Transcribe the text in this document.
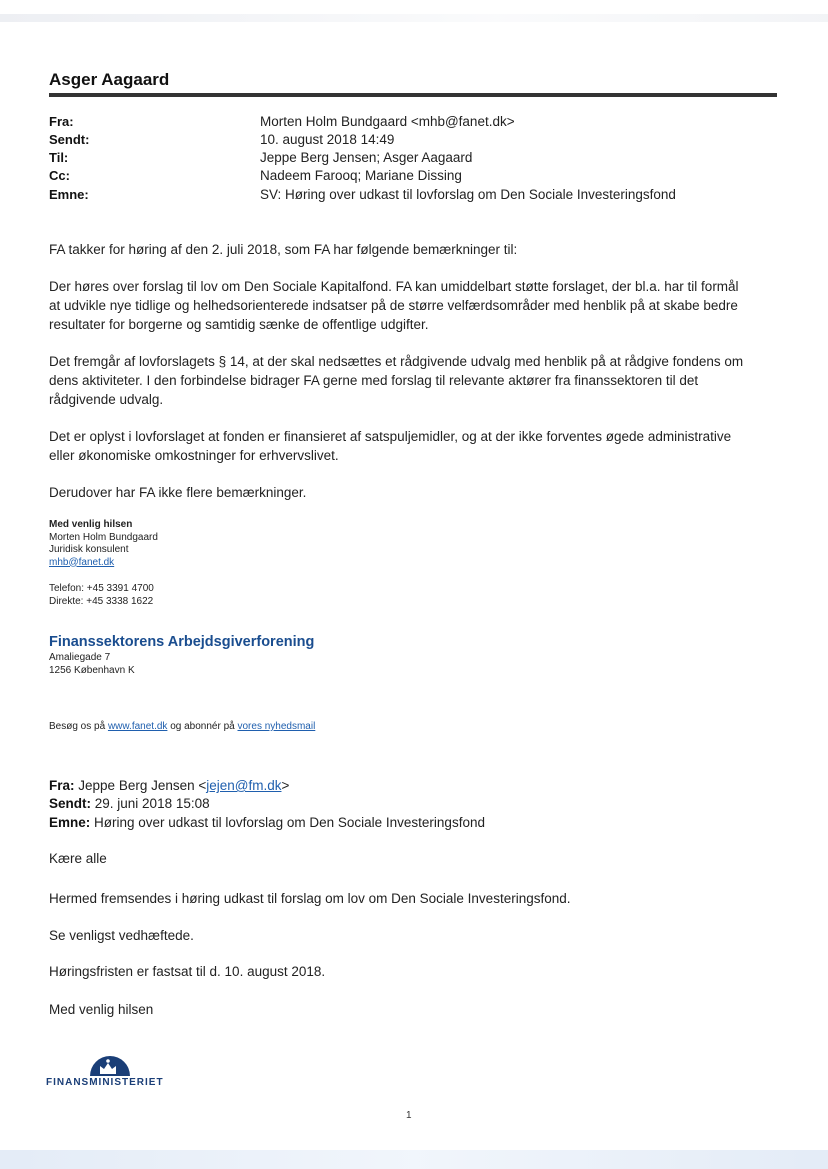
Asger Aagaard
Fra:	Morten Holm Bundgaard <mhb@fanet.dk>
Sendt:	10. august 2018 14:49
Til:	Jeppe Berg Jensen; Asger Aagaard
Cc:	Nadeem Farooq; Mariane Dissing
Emne:	SV: Høring over udkast til lovforslag om Den Sociale Investeringsfond

FA takker for høring af den 2. juli 2018, som FA har følgende bemærkninger til:

Der høres over forslag til lov om Den Sociale Kapitalfond. FA kan umiddelbart støtte forslaget, der bl.a. har til formål

at udvikle nye tidlige og helhedsorienterede indsatser på de større velfærdsområder med henblik på at skabe bedre

resultater for borgerne og samtidig sænke de offentlige udgifter.

Det fremgår af lovforslagets § 14, at der skal nedsættes et rådgivende udvalg med henblik på at rådgive fondens om

dens aktiviteter. I den forbindelse bidrager FA gerne med forslag til relevante aktører fra finanssektoren til det

rådgivende udvalg.

Det er oplyst i lovforslaget at fonden er finansieret af satspuljemidler, og at der ikke forventes øgede administrative

eller økonomiske omkostninger for erhvervslivet.

Derudover har FA ikke flere bemærkninger.

Med venlig hilsen
Morten Holm Bundgaard
Juridisk konsulent
mhb@fanet.dk
Telefon: +45 3391 4700
Direkte: +45 3338 1622
Finanssektorens Arbejdsgiverforening
Amaliegade 7
1256 København K
Besøg os på www.fanet.dk og abonnér på vores nyhedsmail
Fra: Jeppe Berg Jensen <jejen@fm.dk>
Sendt: 29. juni 2018 15:08
Emne: Høring over udkast til lovforslag om Den Sociale Investeringsfond
Kære alle
Hermed fremsendes i høring udkast til forslag om lov om Den Sociale Investeringsfond.
Se venligst vedhæftede.
Høringsfristen er fastsat til d. 10. august 2018.
Med venlig hilsen
FINANSMINISTERIET
1
